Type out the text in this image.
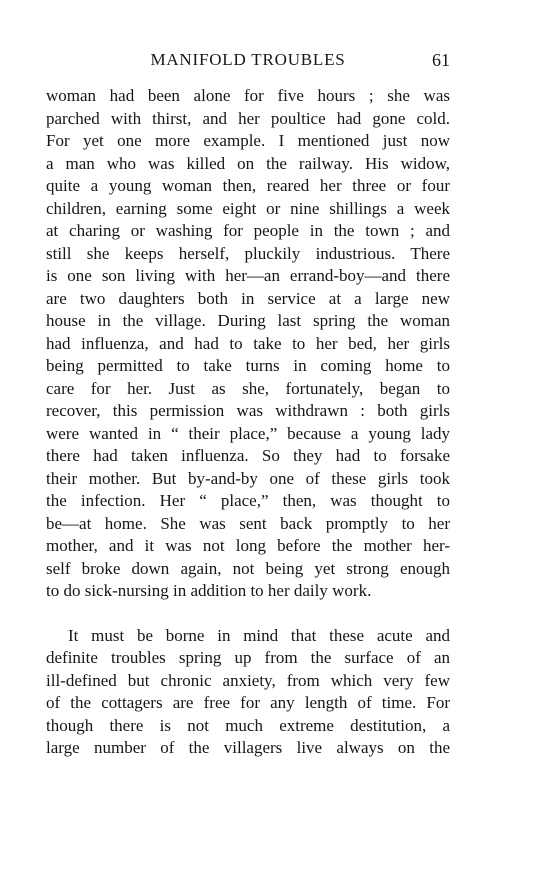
MANIFOLD TROUBLES	61
woman had been alone for five hours ; she was
parched with thirst, and her poultice had gone cold.
For yet one more example. I mentioned just now
a man who was killed on the railway. His widow,
quite a young woman then, reared her three or four
children, earning some eight or nine shillings a week
at charing or washing for people in the town ; and
still she keeps herself, pluckily industrious. There
is one son living with her—an errand-boy—and there
are two daughters both in service at a large new
house in the village. During last spring the woman
had influenza, and had to take to her bed, her girls
being permitted to take turns in coming home to
care for her. Just as she, fortunately, began to
recover, this permission was withdrawn : both girls
were wanted in “ their place,” because a young lady
there had taken influenza. So they had to forsake
their mother. But by-and-by one of these girls took
the infection. Her “ place,” then, was thought to
be—at home. She was sent back promptly to her
mother, and it was not long before the mother her-
self broke down again, not being yet strong enough
to do sick-nursing in addition to her daily work.
It must be borne in mind that these acute and
definite troubles spring up from the surface of an
ill-defined but chronic anxiety, from which very few
of the cottagers are free for any length of time. For
though there is not much extreme destitution, a
large number of the villagers live always on the
